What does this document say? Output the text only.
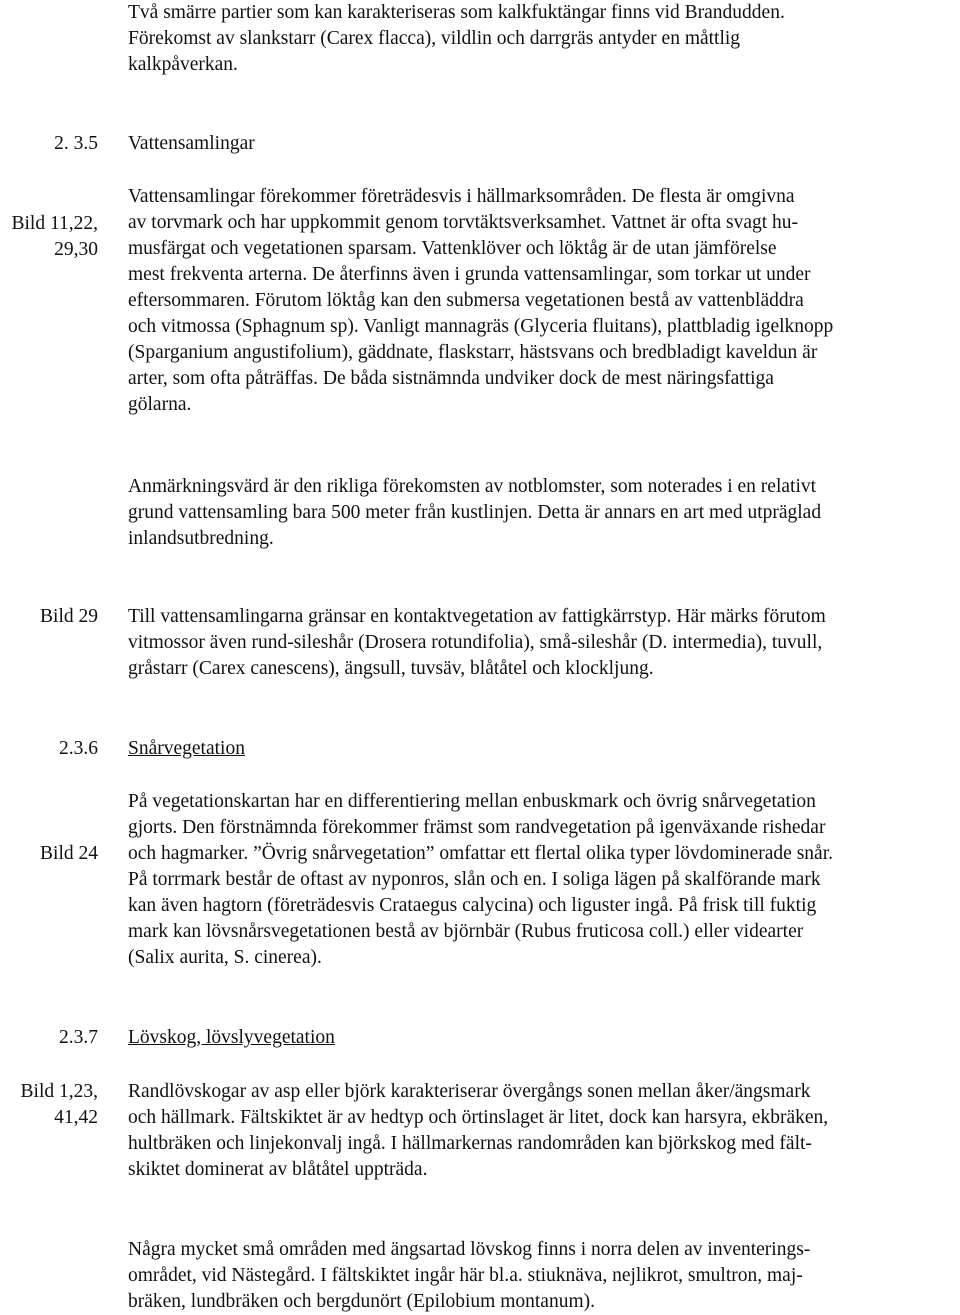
Två smärre partier som kan karakteriseras som kalkfuktängar finns vid Brandudden.
Förekomst av slankstarr (Carex flacca), vildlin och darrgräs antyder en måttlig
kalkpåverkan.
2. 3.5 Vattensamlingar
Bild 11,22,
29,30
Vattensamlingar förekommer företrädesvis i hällmarksområden. De flesta är omgivna
av torvmark och har uppkommit genom torvtäktsverksamhet. Vattnet är ofta svagt hu-
musfärgat och vegetationen sparsam. Vattenklöver och löktåg är de utan jämförelse
mest frekventa arterna. De återfinns även i grunda vattensamlingar, som torkar ut under
eftersommaren. Förutom löktåg kan den submersa vegetationen bestå av vattenbläddra
och vitmossa (Sphagnum sp). Vanligt mannagräs (Glyceria fluitans), plattbladig igelknopp
(Sparganium angustifolium), gäddnate, flaskstarr, hästsvans och bredbladigt kaveldun är
arter, som ofta påträffas. De båda sistnämnda undviker dock de mest näringsfattiga
gölarna.
Anmärkningsvärd är den rikliga förekomsten av notblomster, som noterades i en relativt
grund vattensamling bara 500 meter från kustlinjen. Detta är annars en art med utpräglad
inlandsutbredning.
Bild 29 Till vattensamlingarna gränsar en kontaktvegetation av fattigkärrstyp. Här märks förutom
vitmossor även rund-sileshår (Drosera rotundifolia), små-sileshår (D. intermedia), tuvull,
gråstarr (Carex canescens), ängsull, tuvsäv, blåtåtel och klockljung.
2.3.6 Snårvegetation
Bild 24
På vegetationskartan har en differentiering mellan enbuskmark och övrig snårvegetation
gjorts. Den förstnämnda förekommer främst som randvegetation på igenväxande rishedar
och hagmarker. ”Övrig snårvegetation” omfattar ett flertal olika typer lövdominerade snår.
På torrmark består de oftast av nyponros, slån och en. I soliga lägen på skalförande mark
kan även hagtorn (företrädesvis Crataegus calycina) och liguster ingå. På frisk till fuktig
mark kan lövsnårsvegetationen bestå av björnbär (Rubus fruticosa coll.) eller videarter
(Salix aurita, S. cinerea).
2.3.7 Lövskog, lövslyvegetation
Bild 1,23,
41,42
Randlövskogar av asp eller björk karakteriserar övergångs sonen mellan åker/ängsmark
och hällmark. Fältskiktet är av hedtyp och örtinslaget är litet, dock kan harsyra, ekbräken,
hultbräken och linjekonvalj ingå. I hällmarkernas randområden kan björkskog med fält-
skiktet dominerat av blåtåtel uppträda.
Några mycket små områden med ängsartad lövskog finns i norra delen av inventerings-
området, vid Nästegård. I fältskiktet ingår här bl.a. stiuknäva, nejlikrot, smultron, maj-
bräken, lundbräken och bergdunört (Epilobium montanum).
